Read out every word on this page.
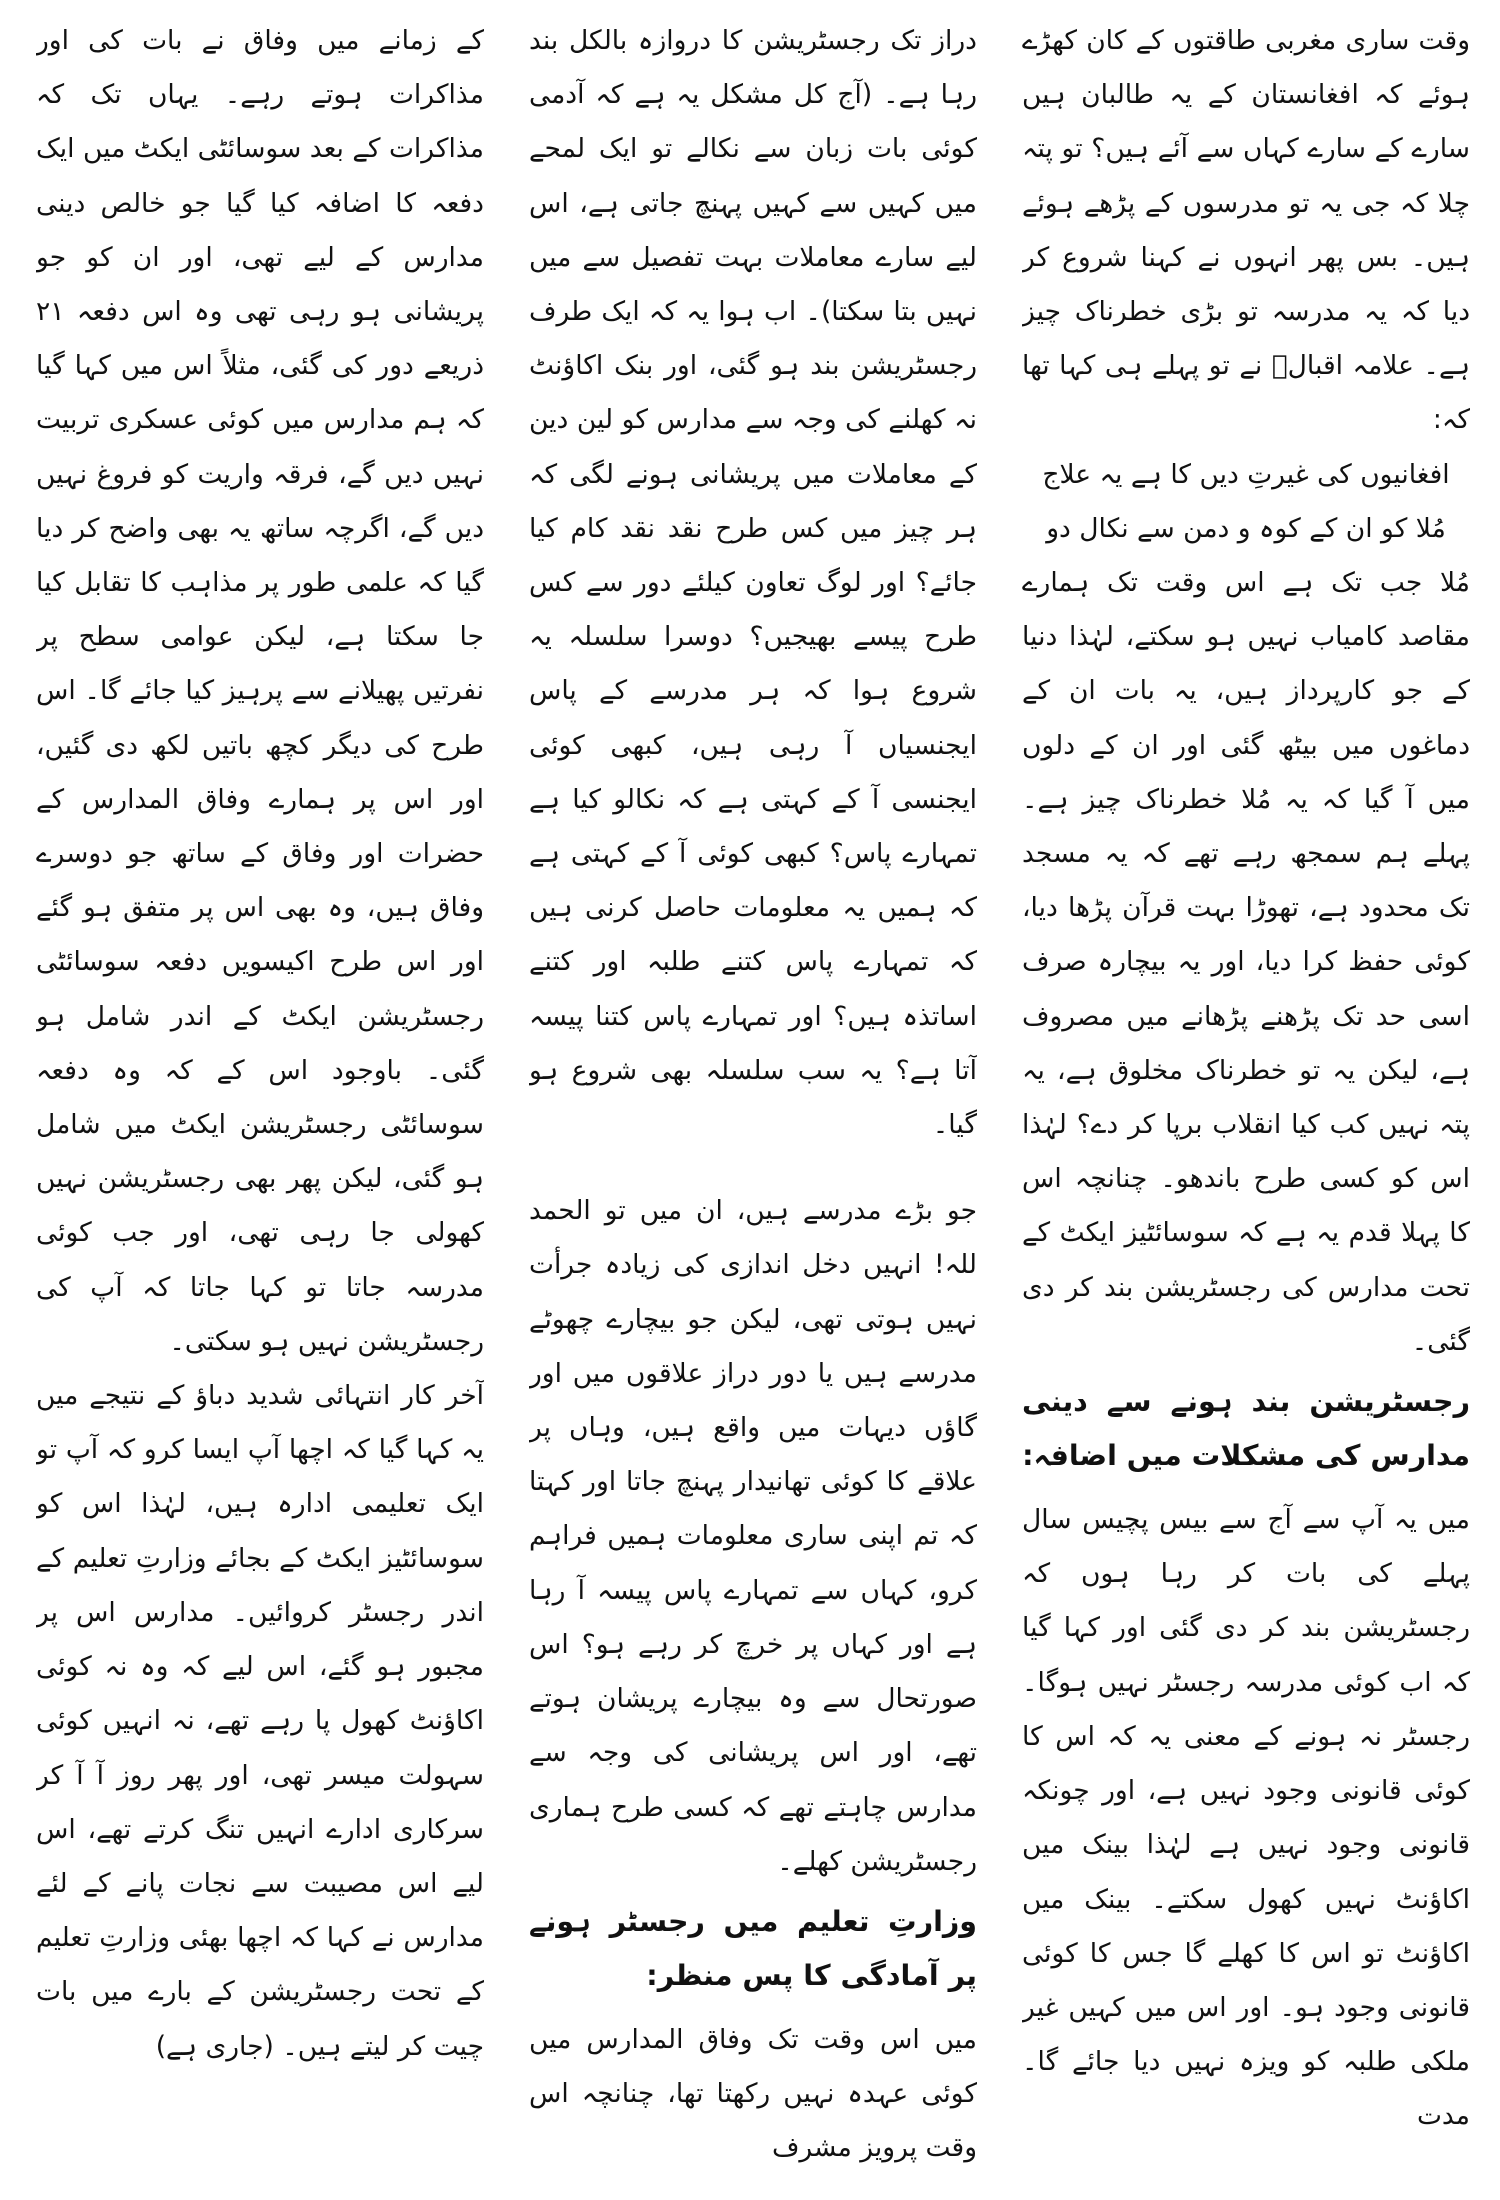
وقت ساری مغربی طاقتوں کے کان کھڑے ہوئے کہ افغانستان کے یہ طالبان ہیں سارے کے سارے کہاں سے آئے ہیں؟ تو پتہ چلا کہ جی یہ تو مدرسوں کے پڑھے ہوئے ہیں۔ بس پھر انہوں نے کہنا شروع کر دیا کہ یہ مدرسہ تو بڑی خطرناک چیز ہے۔ علامہ اقبالؒ نے تو پہلے ہی کہا تھا کہ:

افغانیوں کی غیرتِ دیں کا ہے یہ علاج

مُلا کو ان کے کوہ و دمن سے نکال دو

مُلا جب تک ہے اس وقت تک ہمارے مقاصد کامیاب نہیں ہو سکتے، لہٰذا دنیا کے جو کارپرداز ہیں، یہ بات ان کے دماغوں میں بیٹھ گئی اور ان کے دلوں میں آ گیا کہ یہ مُلا خطرناک چیز ہے۔ پہلے ہم سمجھ رہے تھے کہ یہ مسجد تک محدود ہے، تھوڑا بہت قرآن پڑھا دیا، کوئی حفظ کرا دیا، اور یہ بیچارہ صرف اسی حد تک پڑھنے پڑھانے میں مصروف ہے، لیکن یہ تو خطرناک مخلوق ہے، یہ پتہ نہیں کب کیا انقلاب برپا کر دے؟ لہٰذا اس کو کسی طرح باندھو۔ چنانچہ اس کا پہلا قدم یہ ہے کہ سوسائٹیز ایکٹ کے تحت مدارس کی رجسٹریشن بند کر دی گئی۔

رجسٹریشن بند ہونے سے دینی مدارس کی مشکلات میں اضافہ:

میں یہ آپ سے آج سے بیس پچیس سال پہلے کی بات کر رہا ہوں کہ رجسٹریشن بند کر دی گئی اور کہا گیا کہ اب کوئی مدرسہ رجسٹر نہیں ہوگا۔ رجسٹر نہ ہونے کے معنی یہ کہ اس کا کوئی قانونی وجود نہیں ہے، اور چونکہ قانونی وجود نہیں ہے لہٰذا بینک میں اکاؤنٹ نہیں کھول سکتے۔ بینک میں اکاؤنٹ تو اس کا کھلے گا جس کا کوئی قانونی وجود ہو۔ اور اس میں کہیں غیر ملکی طلبہ کو ویزہ نہیں دیا جائے گا۔ مدت

دراز تک رجسٹریشن کا دروازہ بالکل بند رہا ہے۔ (آج کل مشکل یہ ہے کہ آدمی کوئی بات زبان سے نکالے تو ایک لمحے میں کہیں سے کہیں پہنچ جاتی ہے، اس لیے سارے معاملات بہت تفصیل سے میں نہیں بتا سکتا)۔ اب ہوا یہ کہ ایک طرف رجسٹریشن بند ہو گئی، اور بنک اکاؤنٹ نہ کھلنے کی وجہ سے مدارس کو لین دین کے معاملات میں پریشانی ہونے لگی کہ ہر چیز میں کس طرح نقد نقد کام کیا جائے؟ اور لوگ تعاون کیلئے دور سے کس طرح پیسے بھیجیں؟ دوسرا سلسلہ یہ شروع ہوا کہ ہر مدرسے کے پاس ایجنسیاں آ رہی ہیں، کبھی کوئی ایجنسی آ کے کہتی ہے کہ نکالو کیا ہے تمہارے پاس؟ کبھی کوئی آ کے کہتی ہے کہ ہمیں یہ معلومات حاصل کرنی ہیں کہ تمہارے پاس کتنے طلبہ اور کتنے اساتذہ ہیں؟ اور تمہارے پاس کتنا پیسہ آتا ہے؟ یہ سب سلسلہ بھی شروع ہو گیا۔

جو بڑے مدرسے ہیں، ان میں تو الحمد للہ! انہیں دخل اندازی کی زیادہ جرأت نہیں ہوتی تھی، لیکن جو بیچارے چھوٹے مدرسے ہیں یا دور دراز علاقوں میں اور گاؤں دیہات میں واقع ہیں، وہاں پر علاقے کا کوئی تھانیدار پہنچ جاتا اور کہتا کہ تم اپنی ساری معلومات ہمیں فراہم کرو، کہاں سے تمہارے پاس پیسہ آ رہا ہے اور کہاں پر خرچ کر رہے ہو؟ اس صورتحال سے وہ بیچارے پریشان ہوتے تھے، اور اس پریشانی کی وجہ سے مدارس چاہتے تھے کہ کسی طرح ہماری رجسٹریشن کھلے۔

وزارتِ تعلیم میں رجسٹر ہونے پر آمادگی کا پس منظر:

میں اس وقت تک وفاق المدارس میں کوئی عہدہ نہیں رکھتا تھا، چنانچہ اس وقت پرویز مشرف

کے زمانے میں وفاق نے بات کی اور مذاکرات ہوتے رہے۔ یہاں تک کہ مذاکرات کے بعد سوسائٹی ایکٹ میں ایک دفعہ کا اضافہ کیا گیا جو خالص دینی مدارس کے لیے تھی، اور ان کو جو پریشانی ہو رہی تھی وہ اس دفعہ ۲۱ ذریعے دور کی گئی، مثلاً اس میں کہا گیا کہ ہم مدارس میں کوئی عسکری تربیت نہیں دیں گے، فرقہ واریت کو فروغ نہیں دیں گے، اگرچہ ساتھ یہ بھی واضح کر دیا گیا کہ علمی طور پر مذاہب کا تقابل کیا جا سکتا ہے، لیکن عوامی سطح پر نفرتیں پھیلانے سے پرہیز کیا جائے گا۔ اس طرح کی دیگر کچھ باتیں لکھ دی گئیں، اور اس پر ہمارے وفاق المدارس کے حضرات اور وفاق کے ساتھ جو دوسرے وفاق ہیں، وہ بھی اس پر متفق ہو گئے اور اس طرح اکیسویں دفعہ سوسائٹی رجسٹریشن ایکٹ کے اندر شامل ہو گئی۔ باوجود اس کے کہ وہ دفعہ سوسائٹی رجسٹریشن ایکٹ میں شامل ہو گئی، لیکن پھر بھی رجسٹریشن نہیں کھولی جا رہی تھی، اور جب کوئی مدرسہ جاتا تو کہا جاتا کہ آپ کی رجسٹریشن نہیں ہو سکتی۔

آخر کار انتہائی شدید دباؤ کے نتیجے میں یہ کہا گیا کہ اچھا آپ ایسا کرو کہ آپ تو ایک تعلیمی ادارہ ہیں، لہٰذا اس کو سوسائٹیز ایکٹ کے بجائے وزارتِ تعلیم کے اندر رجسٹر کروائیں۔ مدارس اس پر مجبور ہو گئے، اس لیے کہ وہ نہ کوئی اکاؤنٹ کھول پا رہے تھے، نہ انہیں کوئی سہولت میسر تھی، اور پھر روز آ آ کر سرکاری ادارے انہیں تنگ کرتے تھے، اس لیے اس مصیبت سے نجات پانے کے لئے مدارس نے کہا کہ اچھا بھئی وزارتِ تعلیم کے تحت رجسٹریشن کے بارے میں بات چیت کر لیتے ہیں۔ (جاری ہے)
